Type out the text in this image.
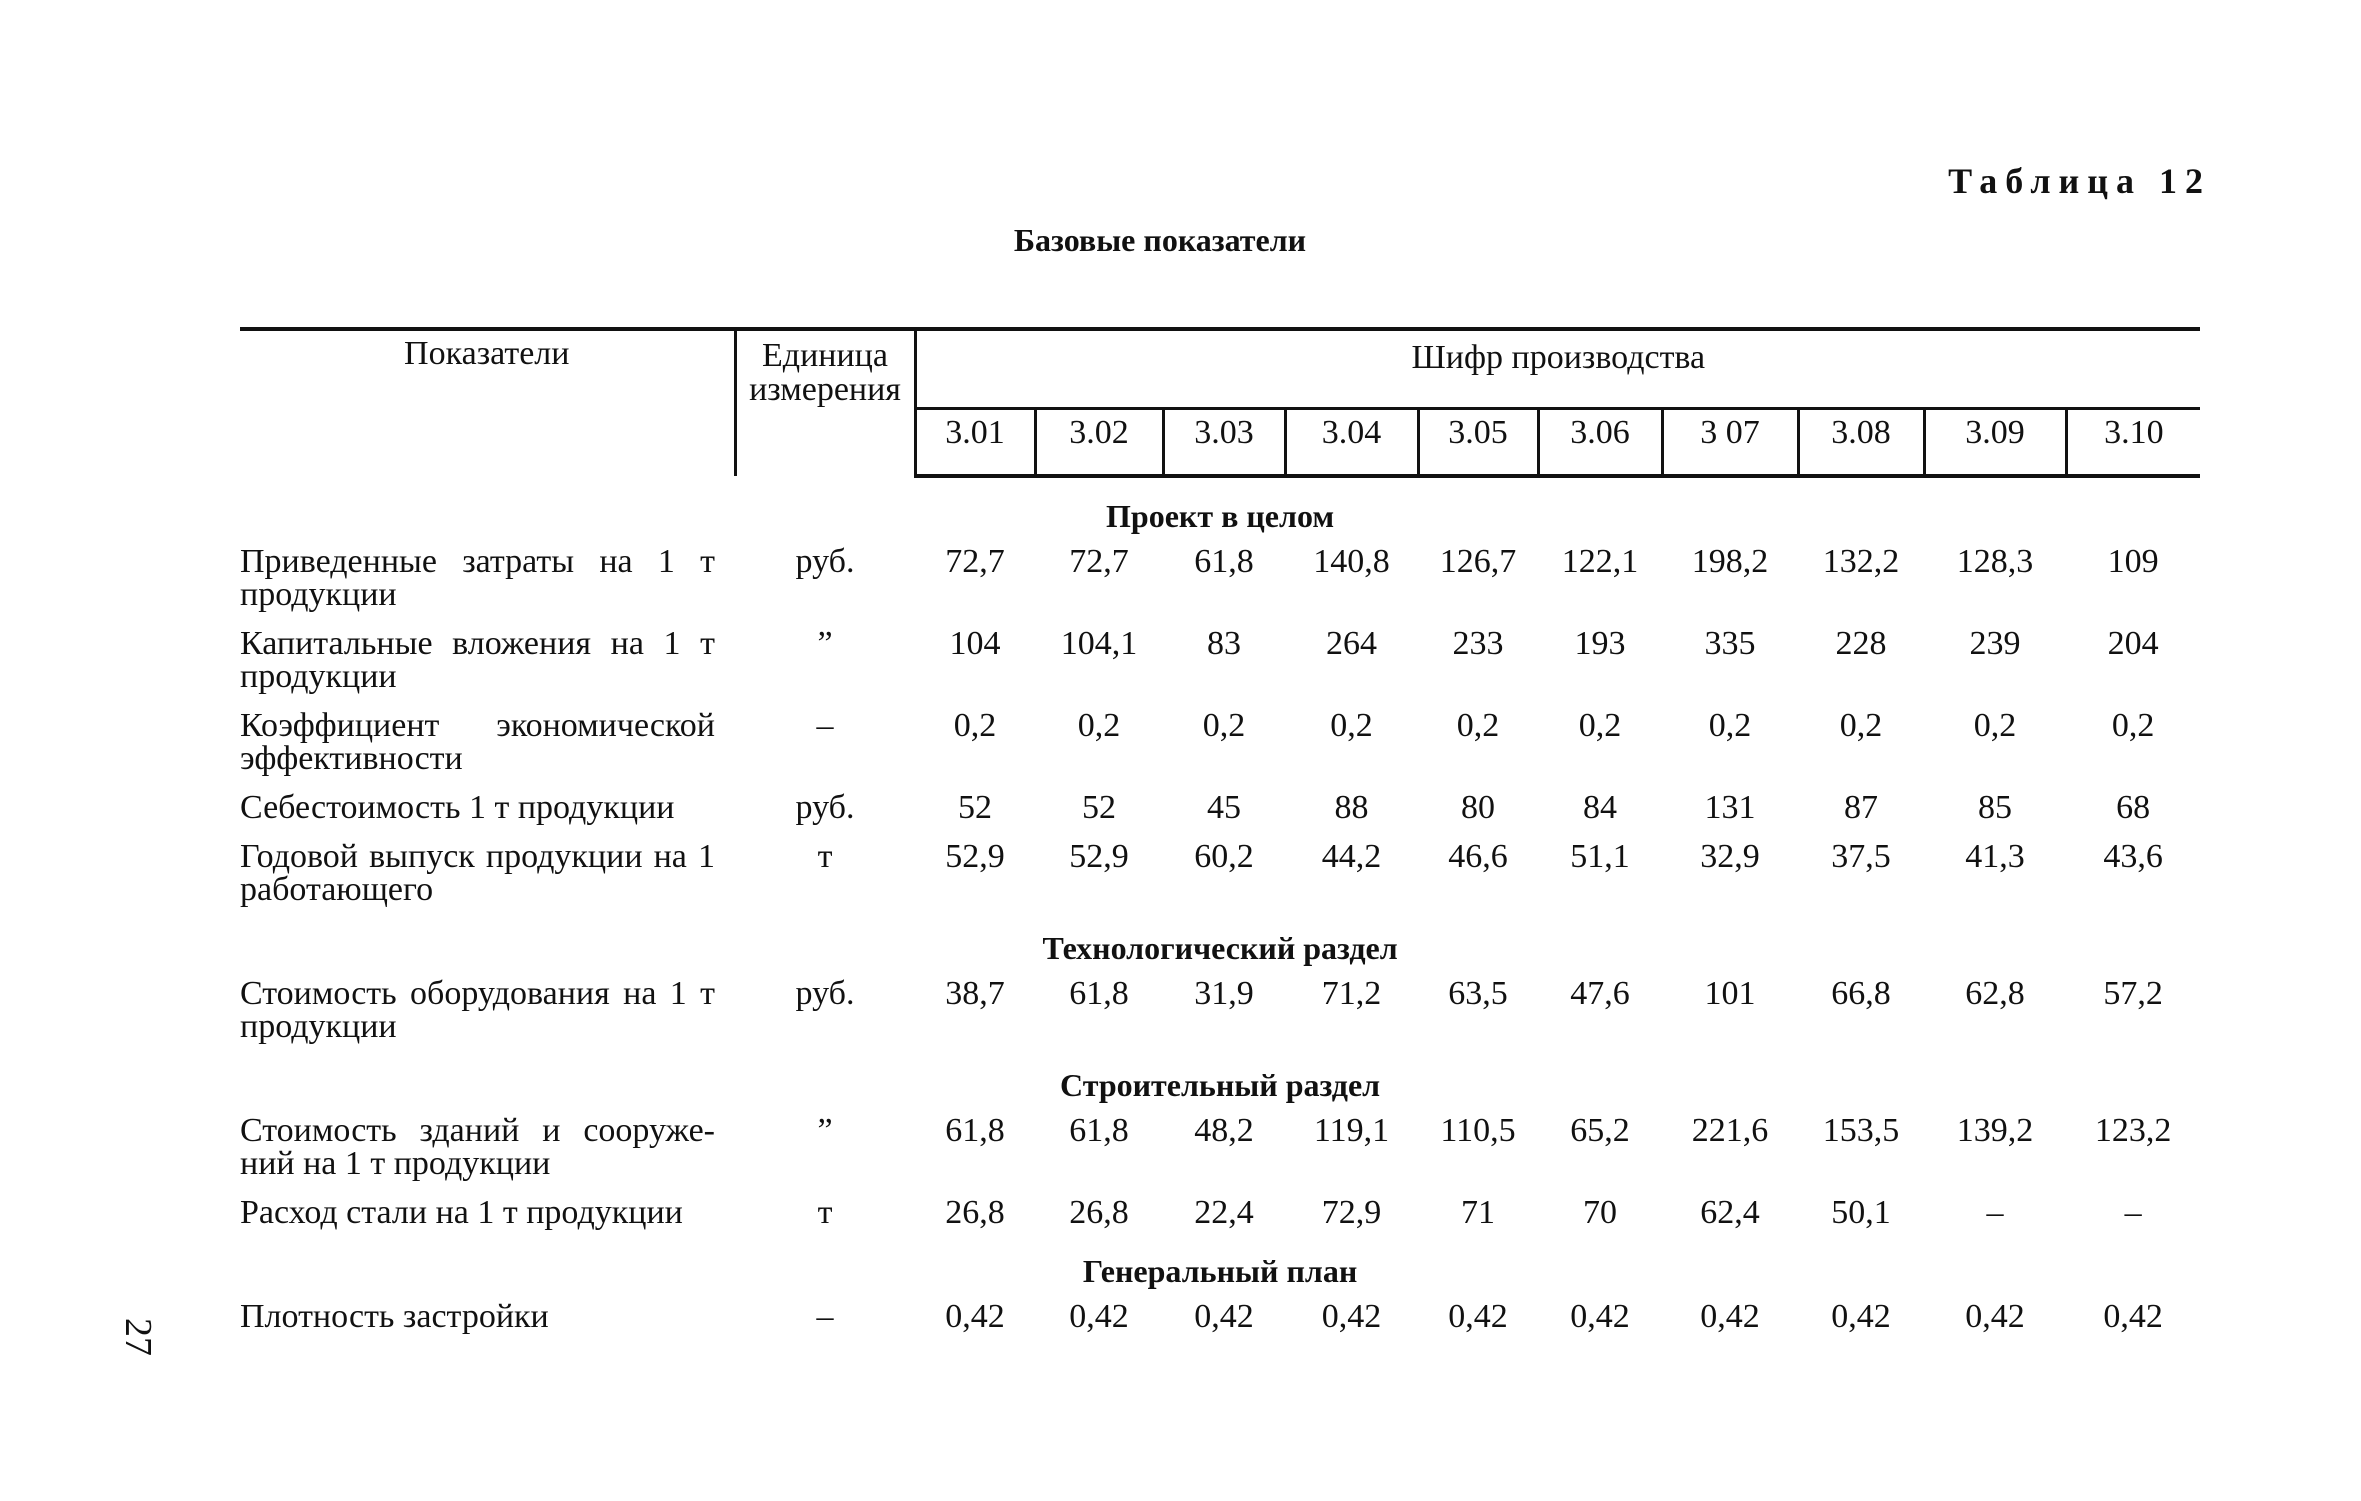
Таблица 12
Базовые показатели
Показатели	Единица измерения	Шифр производства									
		3.01	3.02	3.03	3.04	3.05	3.06	3 07	3.08	3.09	3.10

Проект в целом											
Приведенные затраты на 1 т продукции	руб.	72,7	72,7	61,8	140,8	126,7	122,1	198,2	132,2	128,3	109
Капитальные вложения на 1 т продукции	”	104	104,1	83	264	233	193	335	228	239	204
Коэффициент экономической эффективности	–	0,2	0,2	0,2	0,2	0,2	0,2	0,2	0,2	0,2	0,2
Себестоимость 1 т продукции	руб.	52	52	45	88	80	84	131	87	85	68
Годовой выпуск продукции на 1 работающего	т	52,9	52,9	60,2	44,2	46,6	51,1	32,9	37,5	41,3	43,6
Технологический раздел											
Стоимость оборудования на 1 т продукции	руб.	38,7	61,8	31,9	71,2	63,5	47,6	101	66,8	62,8	57,2
Строительный раздел											
Стоимость зданий и сооруже-ний на 1 т продукции	”	61,8	61,8	48,2	119,1	110,5	65,2	221,6	153,5	139,2	123,2
Расход стали на 1 т продукции	т	26,8	26,8	22,4	72,9	71	70	62,4	50,1	–	–
Генеральный план											
Плотность застройки	–	0,42	0,42	0,42	0,42	0,42	0,42	0,42	0,42	0,42	0,42
27
